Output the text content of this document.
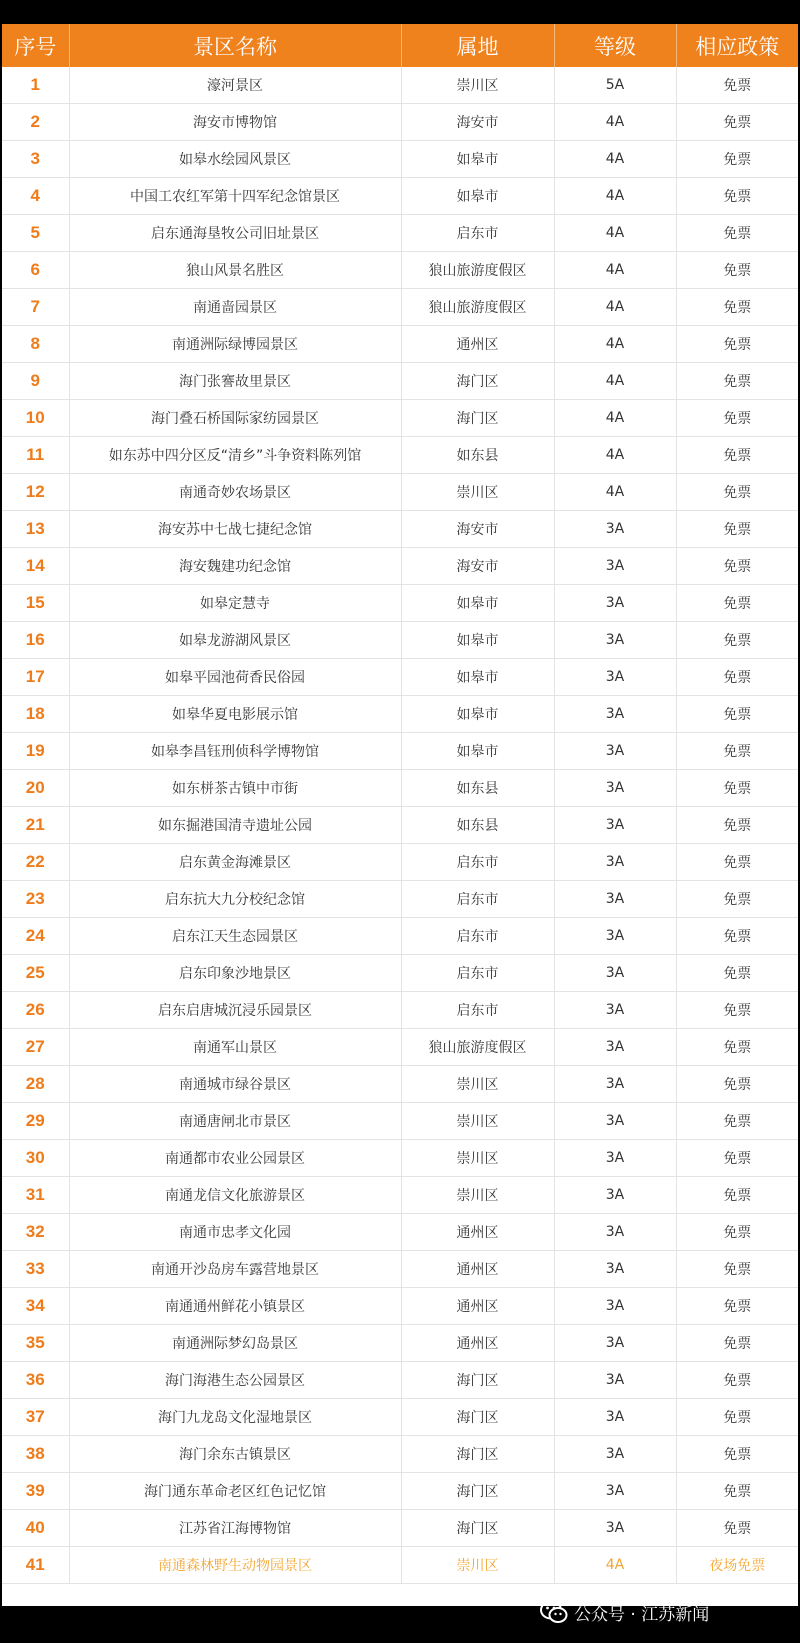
序号	景区名称	属地	等级	相应政策
1	濠河景区	崇川区	5A	免票
2	海安市博物馆	海安市	4A	免票
3	如皋水绘园风景区	如皋市	4A	免票
4	中国工农红军第十四军纪念馆景区	如皋市	4A	免票
5	启东通海垦牧公司旧址景区	启东市	4A	免票
6	狼山风景名胜区	狼山旅游度假区	4A	免票
7	南通啬园景区	狼山旅游度假区	4A	免票
8	南通洲际绿博园景区	通州区	4A	免票
9	海门张謇故里景区	海门区	4A	免票
10	海门叠石桥国际家纺园景区	海门区	4A	免票
11	如东苏中四分区反“清乡”斗争资料陈列馆	如东县	4A	免票
12	南通奇妙农场景区	崇川区	4A	免票
13	海安苏中七战七捷纪念馆	海安市	3A	免票
14	海安魏建功纪念馆	海安市	3A	免票
15	如皋定慧寺	如皋市	3A	免票
16	如皋龙游湖风景区	如皋市	3A	免票
17	如皋平园池荷香民俗园	如皋市	3A	免票
18	如皋华夏电影展示馆	如皋市	3A	免票
19	如皋李昌钰刑侦科学博物馆	如皋市	3A	免票
20	如东栟茶古镇中市街	如东县	3A	免票
21	如东掘港国清寺遗址公园	如东县	3A	免票
22	启东黄金海滩景区	启东市	3A	免票
23	启东抗大九分校纪念馆	启东市	3A	免票
24	启东江天生态园景区	启东市	3A	免票
25	启东印象沙地景区	启东市	3A	免票
26	启东启唐城沉浸乐园景区	启东市	3A	免票
27	南通军山景区	狼山旅游度假区	3A	免票
28	南通城市绿谷景区	崇川区	3A	免票
29	南通唐闸北市景区	崇川区	3A	免票
30	南通都市农业公园景区	崇川区	3A	免票
31	南通龙信文化旅游景区	崇川区	3A	免票
32	南通市忠孝文化园	通州区	3A	免票
33	南通开沙岛房车露营地景区	通州区	3A	免票
34	南通通州鲜花小镇景区	通州区	3A	免票
35	南通洲际梦幻岛景区	通州区	3A	免票
36	海门海港生态公园景区	海门区	3A	免票
37	海门九龙岛文化湿地景区	海门区	3A	免票
38	海门余东古镇景区	海门区	3A	免票
39	海门通东革命老区红色记忆馆	海门区	3A	免票
40	江苏省江海博物馆	海门区	3A	免票
41	南通森林野生动物园景区	崇川区	4A	夜场免票
公众号 · 江苏新闻
